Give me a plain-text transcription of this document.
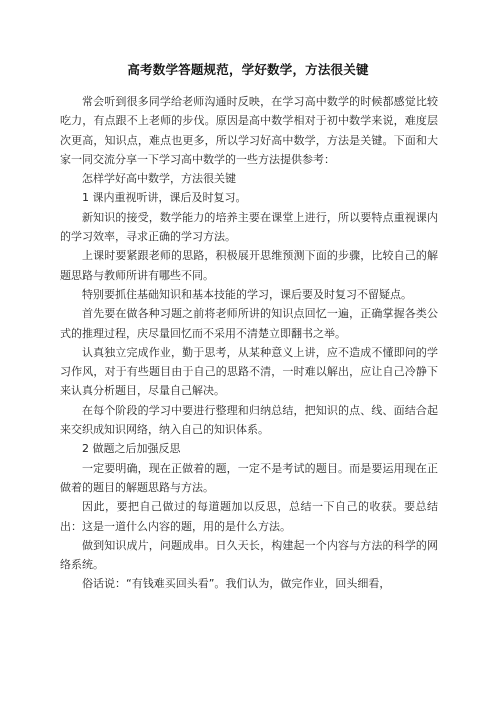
高考数学答题规范，学好数学，方法很关键

常会听到很多同学给老师沟通时反映，在学习高中数学的时候都感觉比较吃力，有点跟不上老师的步伐。原因是高中数学相对于初中数学来说，难度层次更高，知识点，难点也更多，所以学习好高中数学，方法是关键。下面和大家一同交流分享一下学习高中数学的一些方法提供参考：

怎样学好高中数学，方法很关键

1 课内重视听讲，课后及时复习。

新知识的接受，数学能力的培养主要在课堂上进行，所以要特点重视课内的学习效率，寻求正确的学习方法。

上课时要紧跟老师的思路，积极展开思维预测下面的步骤，比较自己的解题思路与教师所讲有哪些不同。

特别要抓住基础知识和基本技能的学习，课后要及时复习不留疑点。

首先要在做各种习题之前将老师所讲的知识点回忆一遍，正确掌握各类公式的推理过程，庆尽量回忆而不采用不清楚立即翻书之举。

认真独立完成作业，勤于思考，从某种意义上讲，应不造成不懂即问的学习作风，对于有些题目由于自己的思路不清，一时难以解出，应让自己冷静下来认真分析题目，尽量自己解决。

在每个阶段的学习中要进行整理和归纳总结，把知识的点、线、面结合起来交织成知识网络，纳入自己的知识体系。

2 做题之后加强反思

一定要明确，现在正做着的题，一定不是考试的题目。而是要运用现在正做着的题目的解题思路与方法。

因此，要把自己做过的每道题加以反思，总结一下自己的收获。要总结出：这是一道什么内容的题，用的是什么方法。

做到知识成片，问题成串。日久天长，构建起一个内容与方法的科学的网络系统。

俗话说：“有钱难买回头看”。我们认为，做完作业，回头细看，
